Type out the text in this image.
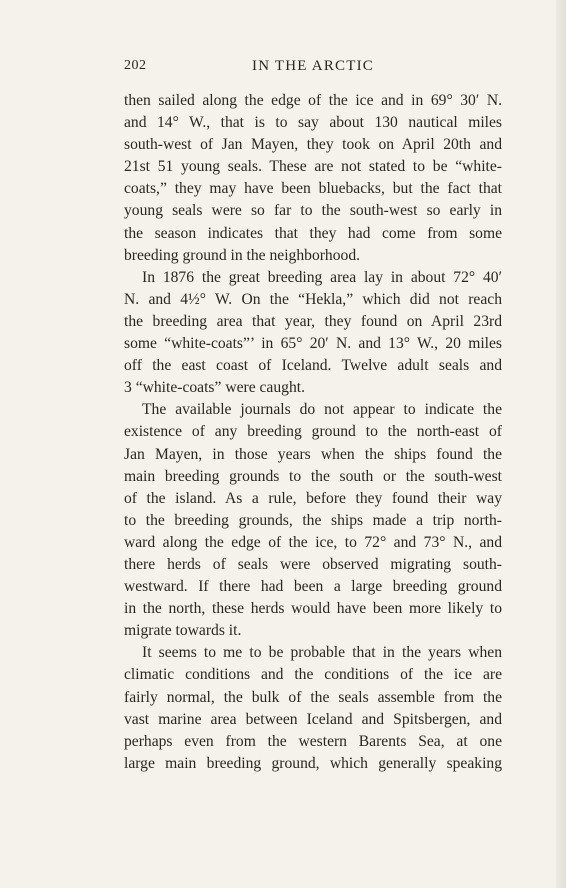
202	IN THE ARCTIC

then sailed along the edge of the ice and in 69° 30′ N.

and 14° W., that is to say about 130 nautical miles

south-west of Jan Mayen, they took on April 20th and

21st 51 young seals. These are not stated to be “white-

coats,” they may have been bluebacks, but the fact that

young seals were so far to the south-west so early in

the season indicates that they had come from some

breeding ground in the neighborhood.

In 1876 the great breeding area lay in about 72° 40′

N. and 4½° W. On the “Hekla,” which did not reach

the breeding area that year, they found on April 23rd

some “white-coats”’ in 65° 20′ N. and 13° W., 20 miles

off the east coast of Iceland. Twelve adult seals and

3 “white-coats” were caught.

The available journals do not appear to indicate the

existence of any breeding ground to the north-east of

Jan Mayen, in those years when the ships found the

main breeding grounds to the south or the south-west

of the island. As a rule, before they found their way

to the breeding grounds, the ships made a trip north-

ward along the edge of the ice, to 72° and 73° N., and

there herds of seals were observed migrating south-

westward. If there had been a large breeding ground

in the north, these herds would have been more likely to

migrate towards it.

It seems to me to be probable that in the years when

climatic conditions and the conditions of the ice are

fairly normal, the bulk of the seals assemble from the

vast marine area between Iceland and Spitsbergen, and

perhaps even from the western Barents Sea, at one

large main breeding ground, which generally speaking
